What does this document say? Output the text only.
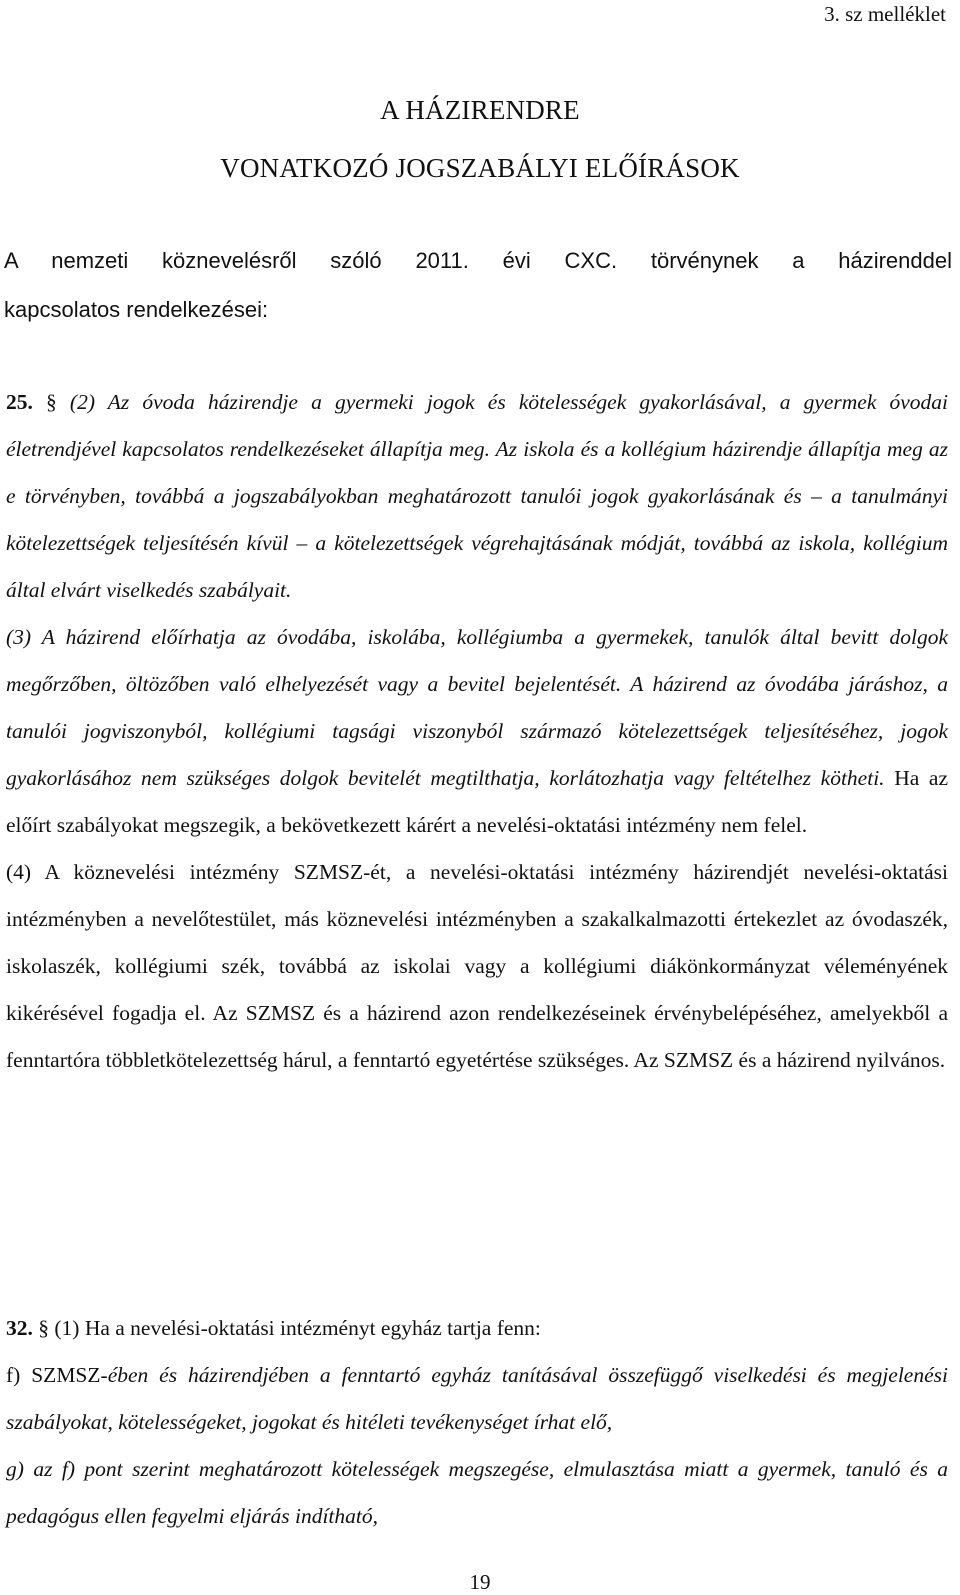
3. sz melléklet
A HÁZIRENDRE
VONATKOZÓ JOGSZABÁLYI ELŐÍRÁSOK
A nemzeti köznevelésről szóló 2011. évi CXC. törvénynek a házirenddel
kapcsolatos rendelkezései:

25. § (2) Az óvoda házirendje a gyermeki jogok és kötelességek gyakorlásával, a gyermek óvodai életrendjével kapcsolatos rendelkezéseket állapítja meg. Az iskola és a kollégium házirendje állapítja meg az e törvényben, továbbá a jogszabályokban meghatározott tanulói jogok gyakorlásának és – a tanulmányi kötelezettségek teljesítésén kívül – a kötelezettségek végrehajtásának módját, továbbá az iskola, kollégium által elvárt viselkedés szabályait.

(3) A házirend előírhatja az óvodába, iskolába, kollégiumba a gyermekek, tanulók által bevitt dolgok megőrzőben, öltözőben való elhelyezését vagy a bevitel bejelentését. A házirend az óvodába járáshoz, a tanulói jogviszonyból, kollégiumi tagsági viszonyból származó kötelezettségek teljesítéséhez, jogok gyakorlásához nem szükséges dolgok bevitelét megtilthatja, korlátozhatja vagy feltételhez kötheti. Ha az előírt szabályokat megszegik, a bekövetkezett kárért a nevelési-oktatási intézmény nem felel.

(4) A köznevelési intézmény SZMSZ-ét, a nevelési-oktatási intézmény házirendjét nevelési-oktatási intézményben a nevelőtestület, más köznevelési intézményben a szakalkalmazotti értekezlet az óvodaszék, iskolaszék, kollégiumi szék, továbbá az iskolai vagy a kollégiumi diákönkormányzat véleményének kikérésével fogadja el. Az SZMSZ és a házirend azon rendelkezéseinek érvénybelépéséhez, amelyekből a fenntartóra többletkötelezettség hárul, a fenntartó egyetértése szükséges. Az SZMSZ és a házirend nyilvános.

32. § (1) Ha a nevelési-oktatási intézményt egyház tartja fenn:

f) SZMSZ-ében és házirendjében a fenntartó egyház tanításával összefüggő viselkedési és megjelenési szabályokat, kötelességeket, jogokat és hitéleti tevékenységet írhat elő,

g) az f) pont szerint meghatározott kötelességek megszegése, elmulasztása miatt a gyermek, tanuló és a pedagógus ellen fegyelmi eljárás indítható,

19
